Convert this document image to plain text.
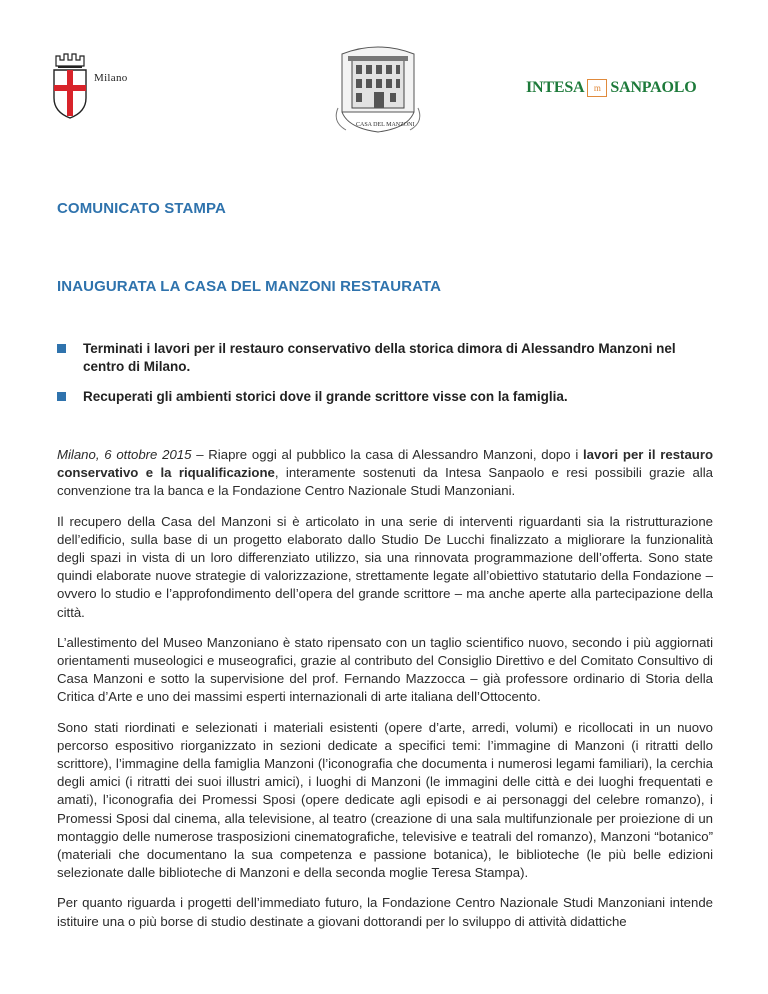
Milano
CASA DEL MANZONI
INTESA m SANPAOLO
COMUNICATO STAMPA
INAUGURATA LA CASA DEL MANZONI RESTAURATA
Terminati i lavori per il restauro conservativo della storica dimora di Alessandro Manzoni nel centro di Milano.
Recuperati gli ambienti storici dove il grande scrittore visse con la famiglia.

Milano, 6 ottobre 2015 – Riapre oggi al pubblico la casa di Alessandro Manzoni, dopo i lavori per il restauro conservativo e la riqualificazione, interamente sostenuti da Intesa Sanpaolo e resi possibili grazie alla convenzione tra la banca e la Fondazione Centro Nazionale Studi Manzoniani.

Il recupero della Casa del Manzoni si è articolato in una serie di interventi riguardanti sia la ristrutturazione dell’edificio, sulla base di un progetto elaborato dallo Studio De Lucchi finalizzato a migliorare la funzionalità degli spazi in vista di un loro differenziato utilizzo, sia una rinnovata programmazione dell’offerta. Sono state quindi elaborate nuove strategie di valorizzazione, strettamente legate all’obiettivo statutario della Fondazione – ovvero lo studio e l’approfondimento dell’opera del grande scrittore – ma anche aperte alla partecipazione della città.

L’allestimento del Museo Manzoniano è stato ripensato con un taglio scientifico nuovo, secondo i più aggiornati orientamenti museologici e museografici, grazie al contributo del Consiglio Direttivo e del Comitato Consultivo di Casa Manzoni e sotto la supervisione del prof. Fernando Mazzocca – già professore ordinario di Storia della Critica d’Arte e uno dei massimi esperti internazionali di arte italiana dell’Ottocento.

Sono stati riordinati e selezionati i materiali esistenti (opere d’arte, arredi, volumi) e ricollocati in un nuovo percorso espositivo riorganizzato in sezioni dedicate a specifici temi: l’immagine di Manzoni (i ritratti dello scrittore), l’immagine della famiglia Manzoni (l’iconografia che documenta i numerosi legami familiari), la cerchia degli amici (i ritratti dei suoi illustri amici), i luoghi di Manzoni (le immagini delle città e dei luoghi frequentati e amati), l’iconografia dei Promessi Sposi (opere dedicate agli episodi e ai personaggi del celebre romanzo), i Promessi Sposi dal cinema, alla televisione, al teatro (creazione di una sala multifunzionale per proiezione di un montaggio delle numerose trasposizioni cinematografiche, televisive e teatrali del romanzo), Manzoni “botanico” (materiali che documentano la sua competenza e passione botanica), le biblioteche (le più belle edizioni selezionate dalle biblioteche di Manzoni e della seconda moglie Teresa Stampa).

Per quanto riguarda i progetti dell’immediato futuro, la Fondazione Centro Nazionale Studi Manzoniani intende istituire una o più borse di studio destinate a giovani dottorandi per lo sviluppo di attività didattiche
